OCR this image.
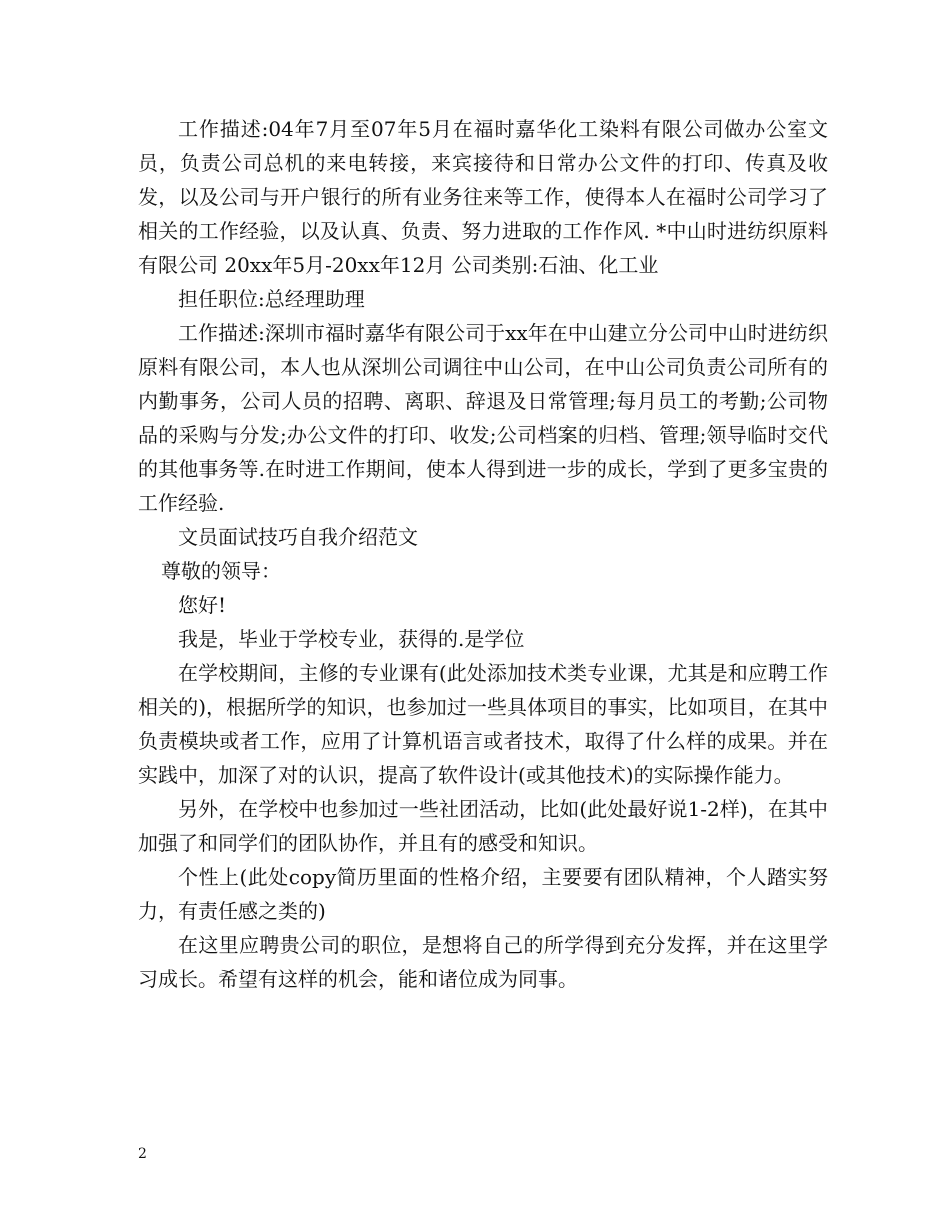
工作描述:04年7月至07年5月在福时嘉华化工染料有限公司做办公室文员，负责公司总机的来电转接，来宾接待和日常办公文件的打印、传真及收发，以及公司与开户银行的所有业务往来等工作，使得本人在福时公司学习了相关的工作经验，以及认真、负责、努力进取的工作作风. *中山时进纺织原料有限公司 20xx年5月-20xx年12月 公司类别:石油、化工业

担任职位:总经理助理

工作描述:深圳市福时嘉华有限公司于xx年在中山建立分公司中山时进纺织原料有限公司，本人也从深圳公司调往中山公司，在中山公司负责公司所有的内勤事务，公司人员的招聘、离职、辞退及日常管理;每月员工的考勤;公司物品的采购与分发;办公文件的打印、收发;公司档案的归档、管理;领导临时交代的其他事务等.在时进工作期间，使本人得到进一步的成长，学到了更多宝贵的工作经验.

文员面试技巧自我介绍范文

尊敬的领导：

您好!

我是，毕业于学校专业，获得的.是学位

在学校期间，主修的专业课有(此处添加技术类专业课，尤其是和应聘工作相关的)，根据所学的知识，也参加过一些具体项目的事实，比如项目，在其中负责模块或者工作，应用了计算机语言或者技术，取得了什么样的成果。并在实践中，加深了对的认识，提高了软件设计(或其他技术)的实际操作能力。

另外，在学校中也参加过一些社团活动，比如(此处最好说1-2样)，在其中加强了和同学们的团队协作，并且有的感受和知识。

个性上(此处copy简历里面的性格介绍，主要要有团队精神，个人踏实努力，有责任感之类的)

在这里应聘贵公司的职位，是想将自己的所学得到充分发挥，并在这里学习成长。希望有这样的机会，能和诸位成为同事。

2
